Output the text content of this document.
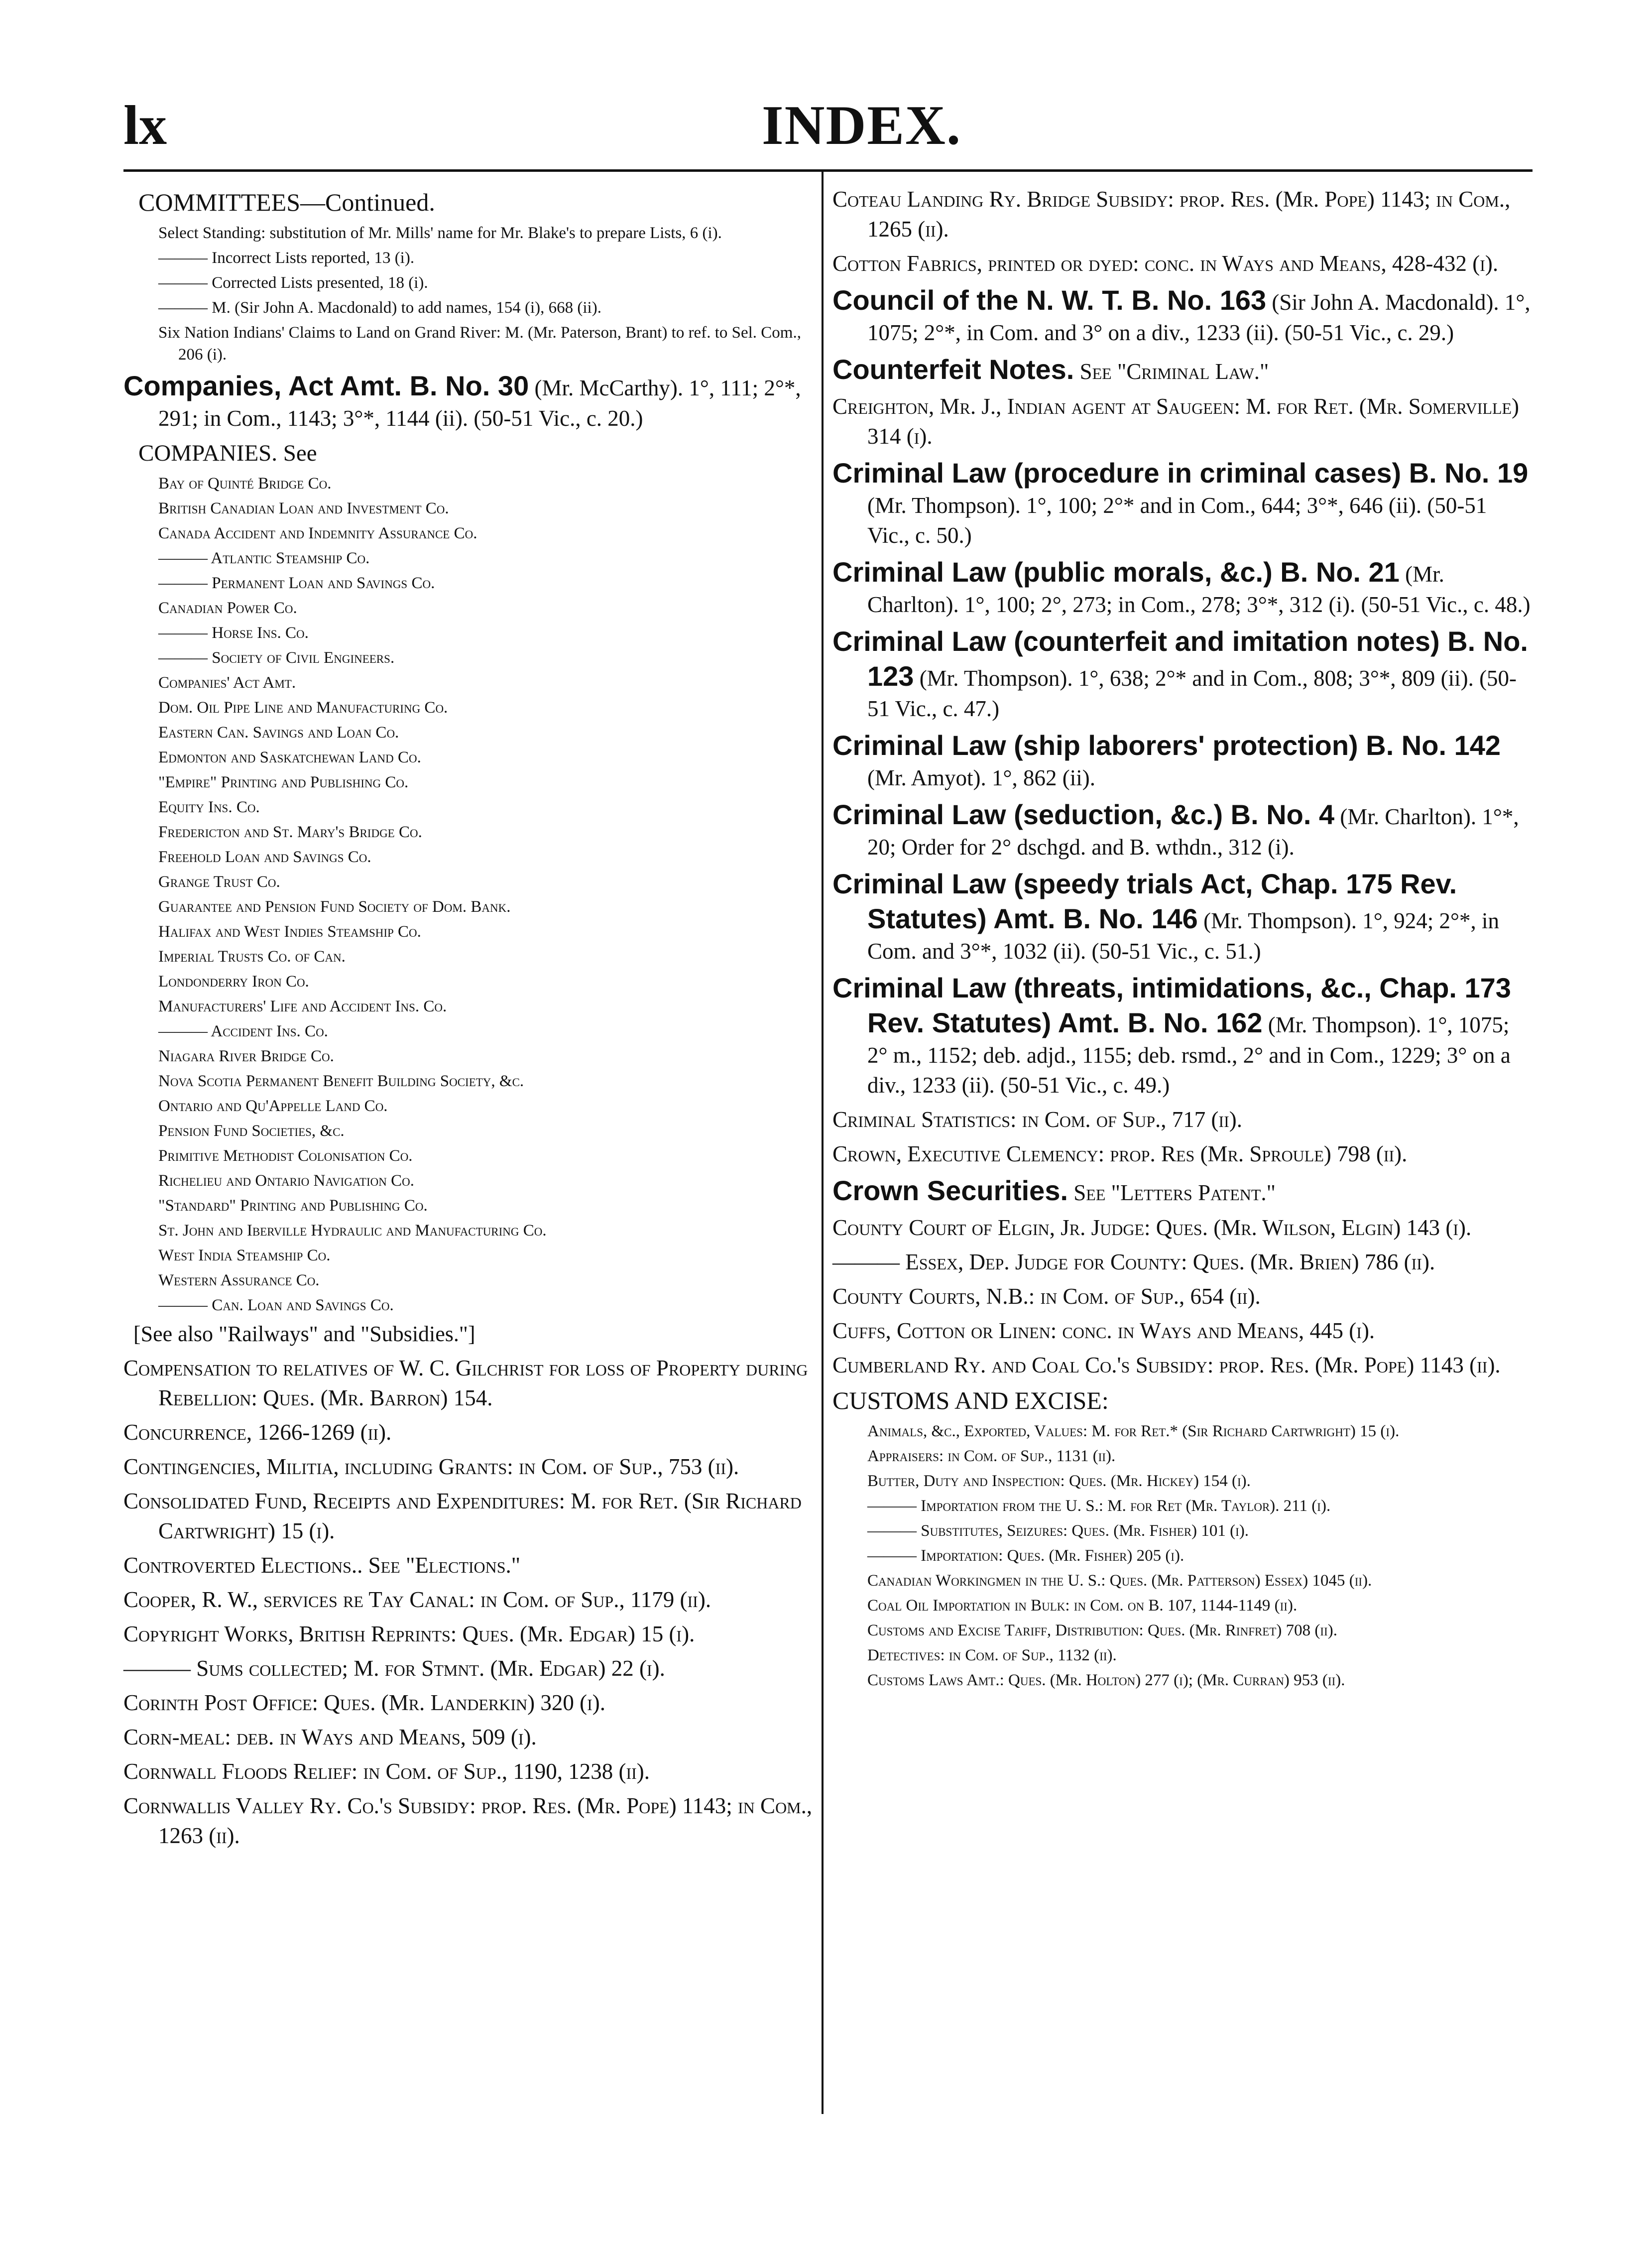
lx	INDEX.
COMMITTEES—Continued.
Select Standing: substitution of Mr. Mills' name for Mr. Blake's to prepare Lists, 6 (i).
——— Incorrect Lists reported, 13 (i).
——— Corrected Lists presented, 18 (i).
——— M. (Sir John A. Macdonald) to add names, 154 (i), 668 (ii).
Six Nation Indians' Claims to Land on Grand River: M. (Mr. Paterson, Brant) to ref. to Sel. Com., 206 (i).
Companies, Act Amt. B. No. 30 (Mr. McCarthy). 1°, 111; 2°*, 291; in Com., 1143; 3°*, 1144 (ii). (50-51 Vic., c. 20.)
COMPANIES. See
Bay of Quinté Bridge Co.
British Canadian Loan and Investment Co.
Canada Accident and Indemnity Assurance Co.
——— Atlantic Steamship Co.
——— Permanent Loan and Savings Co.
Canadian Power Co.
——— Horse Ins. Co.
——— Society of Civil Engineers.
Companies' Act Amt.
Dom. Oil Pipe Line and Manufacturing Co.
Eastern Can. Savings and Loan Co.
Edmonton and Saskatchewan Land Co.
"Empire" Printing and Publishing Co.
Equity Ins. Co.
Fredericton and St. Mary's Bridge Co.
Freehold Loan and Savings Co.
Grange Trust Co.
Guarantee and Pension Fund Society of Dom. Bank.
Halifax and West Indies Steamship Co.
Imperial Trusts Co. of Can.
Londonderry Iron Co.
Manufacturers' Life and Accident Ins. Co.
——— Accident Ins. Co.
Niagara River Bridge Co.
Nova Scotia Permanent Benefit Building Society, &c.
Ontario and Qu'Appelle Land Co.
Pension Fund Societies, &c.
Primitive Methodist Colonisation Co.
Richelieu and Ontario Navigation Co.
"Standard" Printing and Publishing Co.
St. John and Iberville Hydraulic and Manufacturing Co.
West India Steamship Co.
Western Assurance Co.
——— Can. Loan and Savings Co.
[See also "Railways" and "Subsidies."]
Compensation to relatives of W. C. Gilchrist for loss of Property during Rebellion: Ques. (Mr. Barron) 154.
Concurrence, 1266-1269 (ii).
Contingencies, Militia, including Grants: in Com. of Sup., 753 (ii).
Consolidated Fund, Receipts and Expenditures: M. for Ret. (Sir Richard Cartwright) 15 (i).
Controverted Elections.. See "Elections."
Cooper, R. W., services re Tay Canal: in Com. of Sup., 1179 (ii).
Copyright Works, British Reprints: Ques. (Mr. Edgar) 15 (i).
——— Sums collected; M. for Stmnt. (Mr. Edgar) 22 (i).
Corinth Post Office: Ques. (Mr. Landerkin) 320 (i).
Corn-meal: deb. in Ways and Means, 509 (i).
Cornwall Floods Relief: in Com. of Sup., 1190, 1238 (ii).
Cornwallis Valley Ry. Co.'s Subsidy: prop. Res. (Mr. Pope) 1143; in Com., 1263 (ii).
Coteau Landing Ry. Bridge Subsidy: prop. Res. (Mr. Pope) 1143; in Com., 1265 (ii).
Cotton Fabrics, printed or dyed: conc. in Ways and Means, 428-432 (i).
Council of the N. W. T. B. No. 163 (Sir John A. Macdonald). 1°, 1075; 2°*, in Com. and 3° on a div., 1233 (ii). (50-51 Vic., c. 29.)
Counterfeit Notes. See "Criminal Law."
Creighton, Mr. J., Indian agent at Saugeen: M. for Ret. (Mr. Somerville) 314 (i).
Criminal Law (procedure in criminal cases) B. No. 19 (Mr. Thompson). 1°, 100; 2°* and in Com., 644; 3°*, 646 (ii). (50-51 Vic., c. 50.)
Criminal Law (public morals, &c.) B. No. 21 (Mr. Charlton). 1°, 100; 2°, 273; in Com., 278; 3°*, 312 (i). (50-51 Vic., c. 48.)
Criminal Law (counterfeit and imitation notes) B. No. 123 (Mr. Thompson). 1°, 638; 2°* and in Com., 808; 3°*, 809 (ii). (50-51 Vic., c. 47.)
Criminal Law (ship laborers' protection) B. No. 142 (Mr. Amyot). 1°, 862 (ii).
Criminal Law (seduction, &c.) B. No. 4 (Mr. Charlton). 1°*, 20; Order for 2° dschgd. and B. wthdn., 312 (i).
Criminal Law (speedy trials Act, Chap. 175 Rev. Statutes) Amt. B. No. 146 (Mr. Thompson). 1°, 924; 2°*, in Com. and 3°*, 1032 (ii). (50-51 Vic., c. 51.)
Criminal Law (threats, intimidations, &c., Chap. 173 Rev. Statutes) Amt. B. No. 162 (Mr. Thompson). 1°, 1075; 2° m., 1152; deb. adjd., 1155; deb. rsmd., 2° and in Com., 1229; 3° on a div., 1233 (ii). (50-51 Vic., c. 49.)
Criminal Statistics: in Com. of Sup., 717 (ii).
Crown, Executive Clemency: prop. Res (Mr. Sproule) 798 (ii).
Crown Securities. See "Letters Patent."
County Court of Elgin, Jr. Judge: Ques. (Mr. Wilson, Elgin) 143 (i).
——— Essex, Dep. Judge for County: Ques. (Mr. Brien) 786 (ii).
County Courts, N.B.: in Com. of Sup., 654 (ii).
Cuffs, Cotton or Linen: conc. in Ways and Means, 445 (i).
Cumberland Ry. and Coal Co.'s Subsidy: prop. Res. (Mr. Pope) 1143 (ii).
CUSTOMS AND EXCISE:
Animals, &c., Exported, Values: M. for Ret.* (Sir Richard Cartwright) 15 (i).
Appraisers: in Com. of Sup., 1131 (ii).
Butter, Duty and Inspection: Ques. (Mr. Hickey) 154 (i).
——— Importation from the U. S.: M. for Ret (Mr. Taylor). 211 (i).
——— Substitutes, Seizures: Ques. (Mr. Fisher) 101 (i).
——— Importation: Ques. (Mr. Fisher) 205 (i).
Canadian Workingmen in the U. S.: Ques. (Mr. Patterson) Essex) 1045 (ii).
Coal Oil Importation in Bulk: in Com. on B. 107, 1144-1149 (ii).
Customs and Excise Tariff, Distribution: Ques. (Mr. Rinfret) 708 (ii).
Detectives: in Com. of Sup., 1132 (ii).
Customs Laws Amt.: Ques. (Mr. Holton) 277 (i); (Mr. Curran) 953 (ii).
